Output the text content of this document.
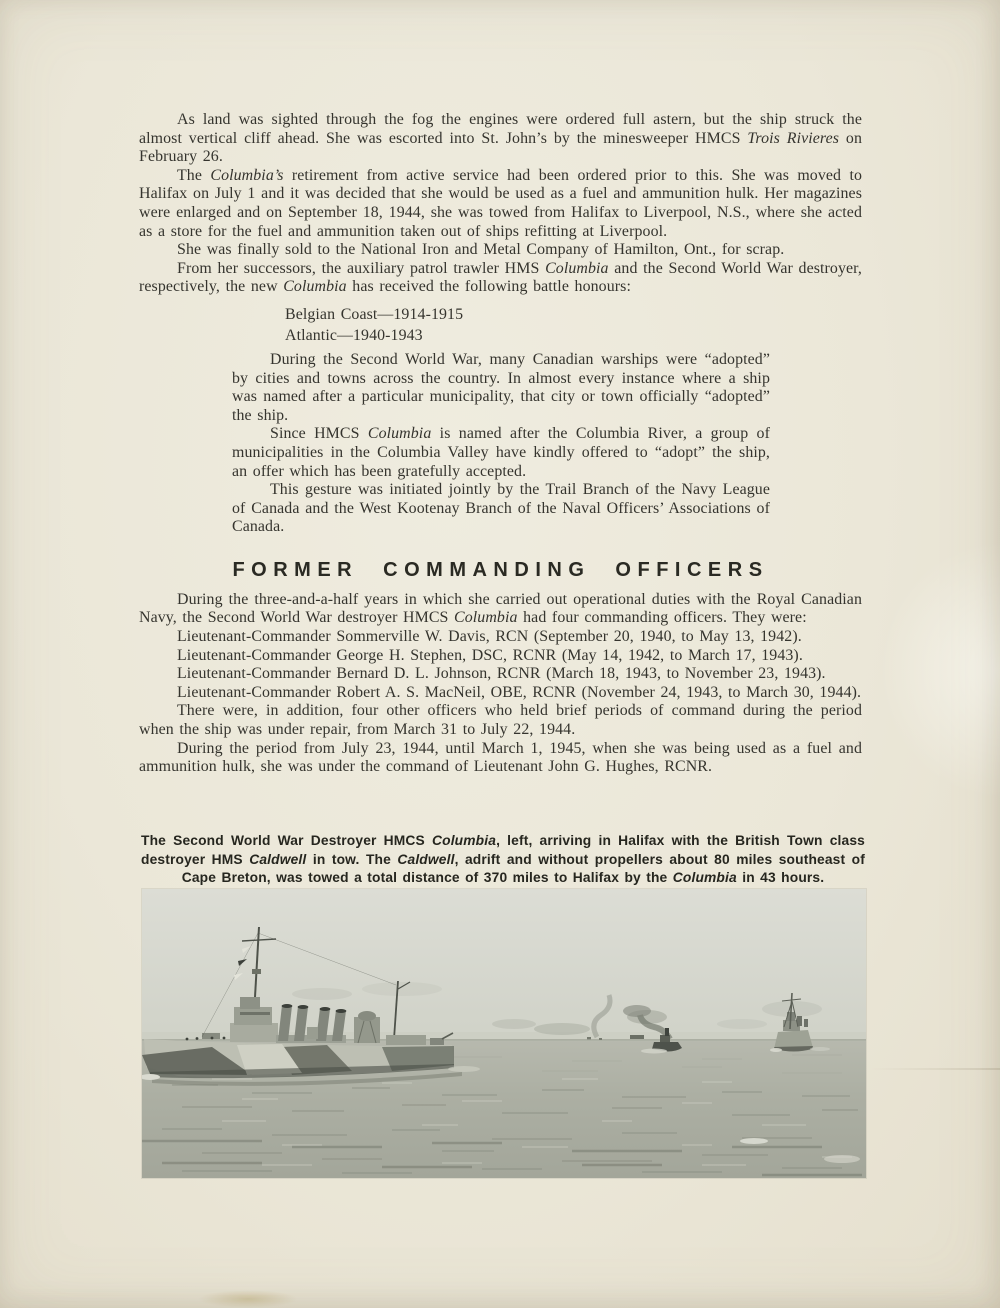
As land was sighted through the fog the engines were ordered full astern, but the ship struck the almost vertical cliff ahead. She was escorted into St. John’s by the minesweeper HMCS Trois Rivieres on February 26.

The Columbia’s retirement from active service had been ordered prior to this. She was moved to Halifax on July 1 and it was decided that she would be used as a fuel and ammunition hulk. Her magazines were enlarged and on September 18, 1944, she was towed from Halifax to Liverpool, N.S., where she acted as a store for the fuel and ammunition taken out of ships refitting at Liverpool.

She was finally sold to the National Iron and Metal Company of Hamilton, Ont., for scrap.

From her successors, the auxiliary patrol trawler HMS Columbia and the Second World War destroyer, respectively, the new Columbia has received the following battle honours:

Belgian Coast—1914-1915

Atlantic—1940-1943

During the Second World War, many Canadian warships were “adopted” by cities and towns across the country. In almost every instance where a ship was named after a particular municipality, that city or town officially “adopted” the ship.

Since HMCS Columbia is named after the Columbia River, a group of municipalities in the Columbia Valley have kindly offered to “adopt” the ship, an offer which has been gratefully accepted.

This gesture was initiated jointly by the Trail Branch of the Navy League of Canada and the West Kootenay Branch of the Naval Officers’ Associations of Canada.

FORMER COMMANDING OFFICERS

During the three-and-a-half years in which she carried out operational duties with the Royal Canadian Navy, the Second World War destroyer HMCS Columbia had four commanding officers. They were:

Lieutenant-Commander Sommerville W. Davis, RCN (September 20, 1940, to May 13, 1942).

Lieutenant-Commander George H. Stephen, DSC, RCNR (May 14, 1942, to March 17, 1943).

Lieutenant-Commander Bernard D. L. Johnson, RCNR (March 18, 1943, to November 23, 1943).

Lieutenant-Commander Robert A. S. MacNeil, OBE, RCNR (November 24, 1943, to March 30, 1944).

There were, in addition, four other officers who held brief periods of command during the period when the ship was under repair, from March 31 to July 22, 1944.

During the period from July 23, 1944, until March 1, 1945, when she was being used as a fuel and ammunition hulk, she was under the command of Lieutenant John G. Hughes, RCNR.

The Second World War Destroyer HMCS Columbia, left, arriving in Halifax with the British Town class destroyer HMS Caldwell in tow. The Caldwell, adrift and without propellers about 80 miles southeast of Cape Breton, was towed a total distance of 370 miles to Halifax by the Columbia in 43 hours.
